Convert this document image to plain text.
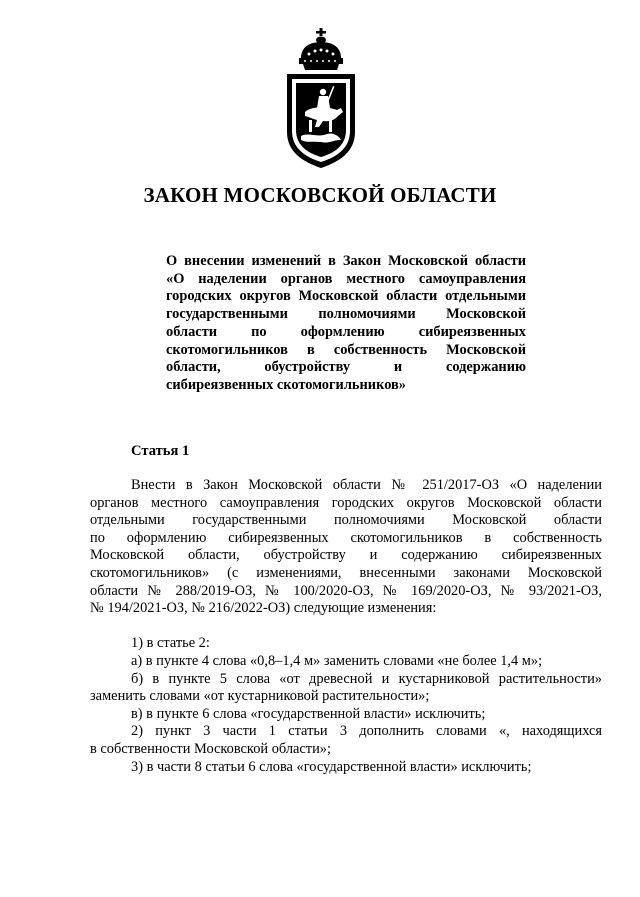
ЗАКОН МОСКОВСКОЙ ОБЛАСТИ
О внесении изменений в Закон Московской области
«О наделении органов местного самоуправления
городских округов Московской области отдельными
государственными полномочиями Московской
области по оформлению сибиреязвенных
скотомогильников в собственность Московской
области, обустройству и содержанию
сибиреязвенных скотомогильников»
Статья 1
Внести в Закон Московской области № 251/2017-ОЗ «О наделении
органов местного самоуправления городских округов Московской области
отдельными государственными полномочиями Московской области
по оформлению сибиреязвенных скотомогильников в собственность
Московской области, обустройству и содержанию сибиреязвенных
скотомогильников» (с изменениями, внесенными законами Московской
области № 288/2019-ОЗ, № 100/2020-ОЗ, № 169/2020-ОЗ, № 93/2021-ОЗ,
№ 194/2021-ОЗ, № 216/2022-ОЗ) следующие изменения:
1) в статье 2:
а) в пункте 4 слова «0,8–1,4 м» заменить словами «не более 1,4 м»;
б) в пункте 5 слова «от древесной и кустарниковой растительности»
заменить словами «от кустарниковой растительности»;
в) в пункте 6 слова «государственной власти» исключить;
2) пункт 3 части 1 статьи 3 дополнить словами «, находящихся
в собственности Московской области»;
3) в части 8 статьи 6 слова «государственной власти» исключить;
